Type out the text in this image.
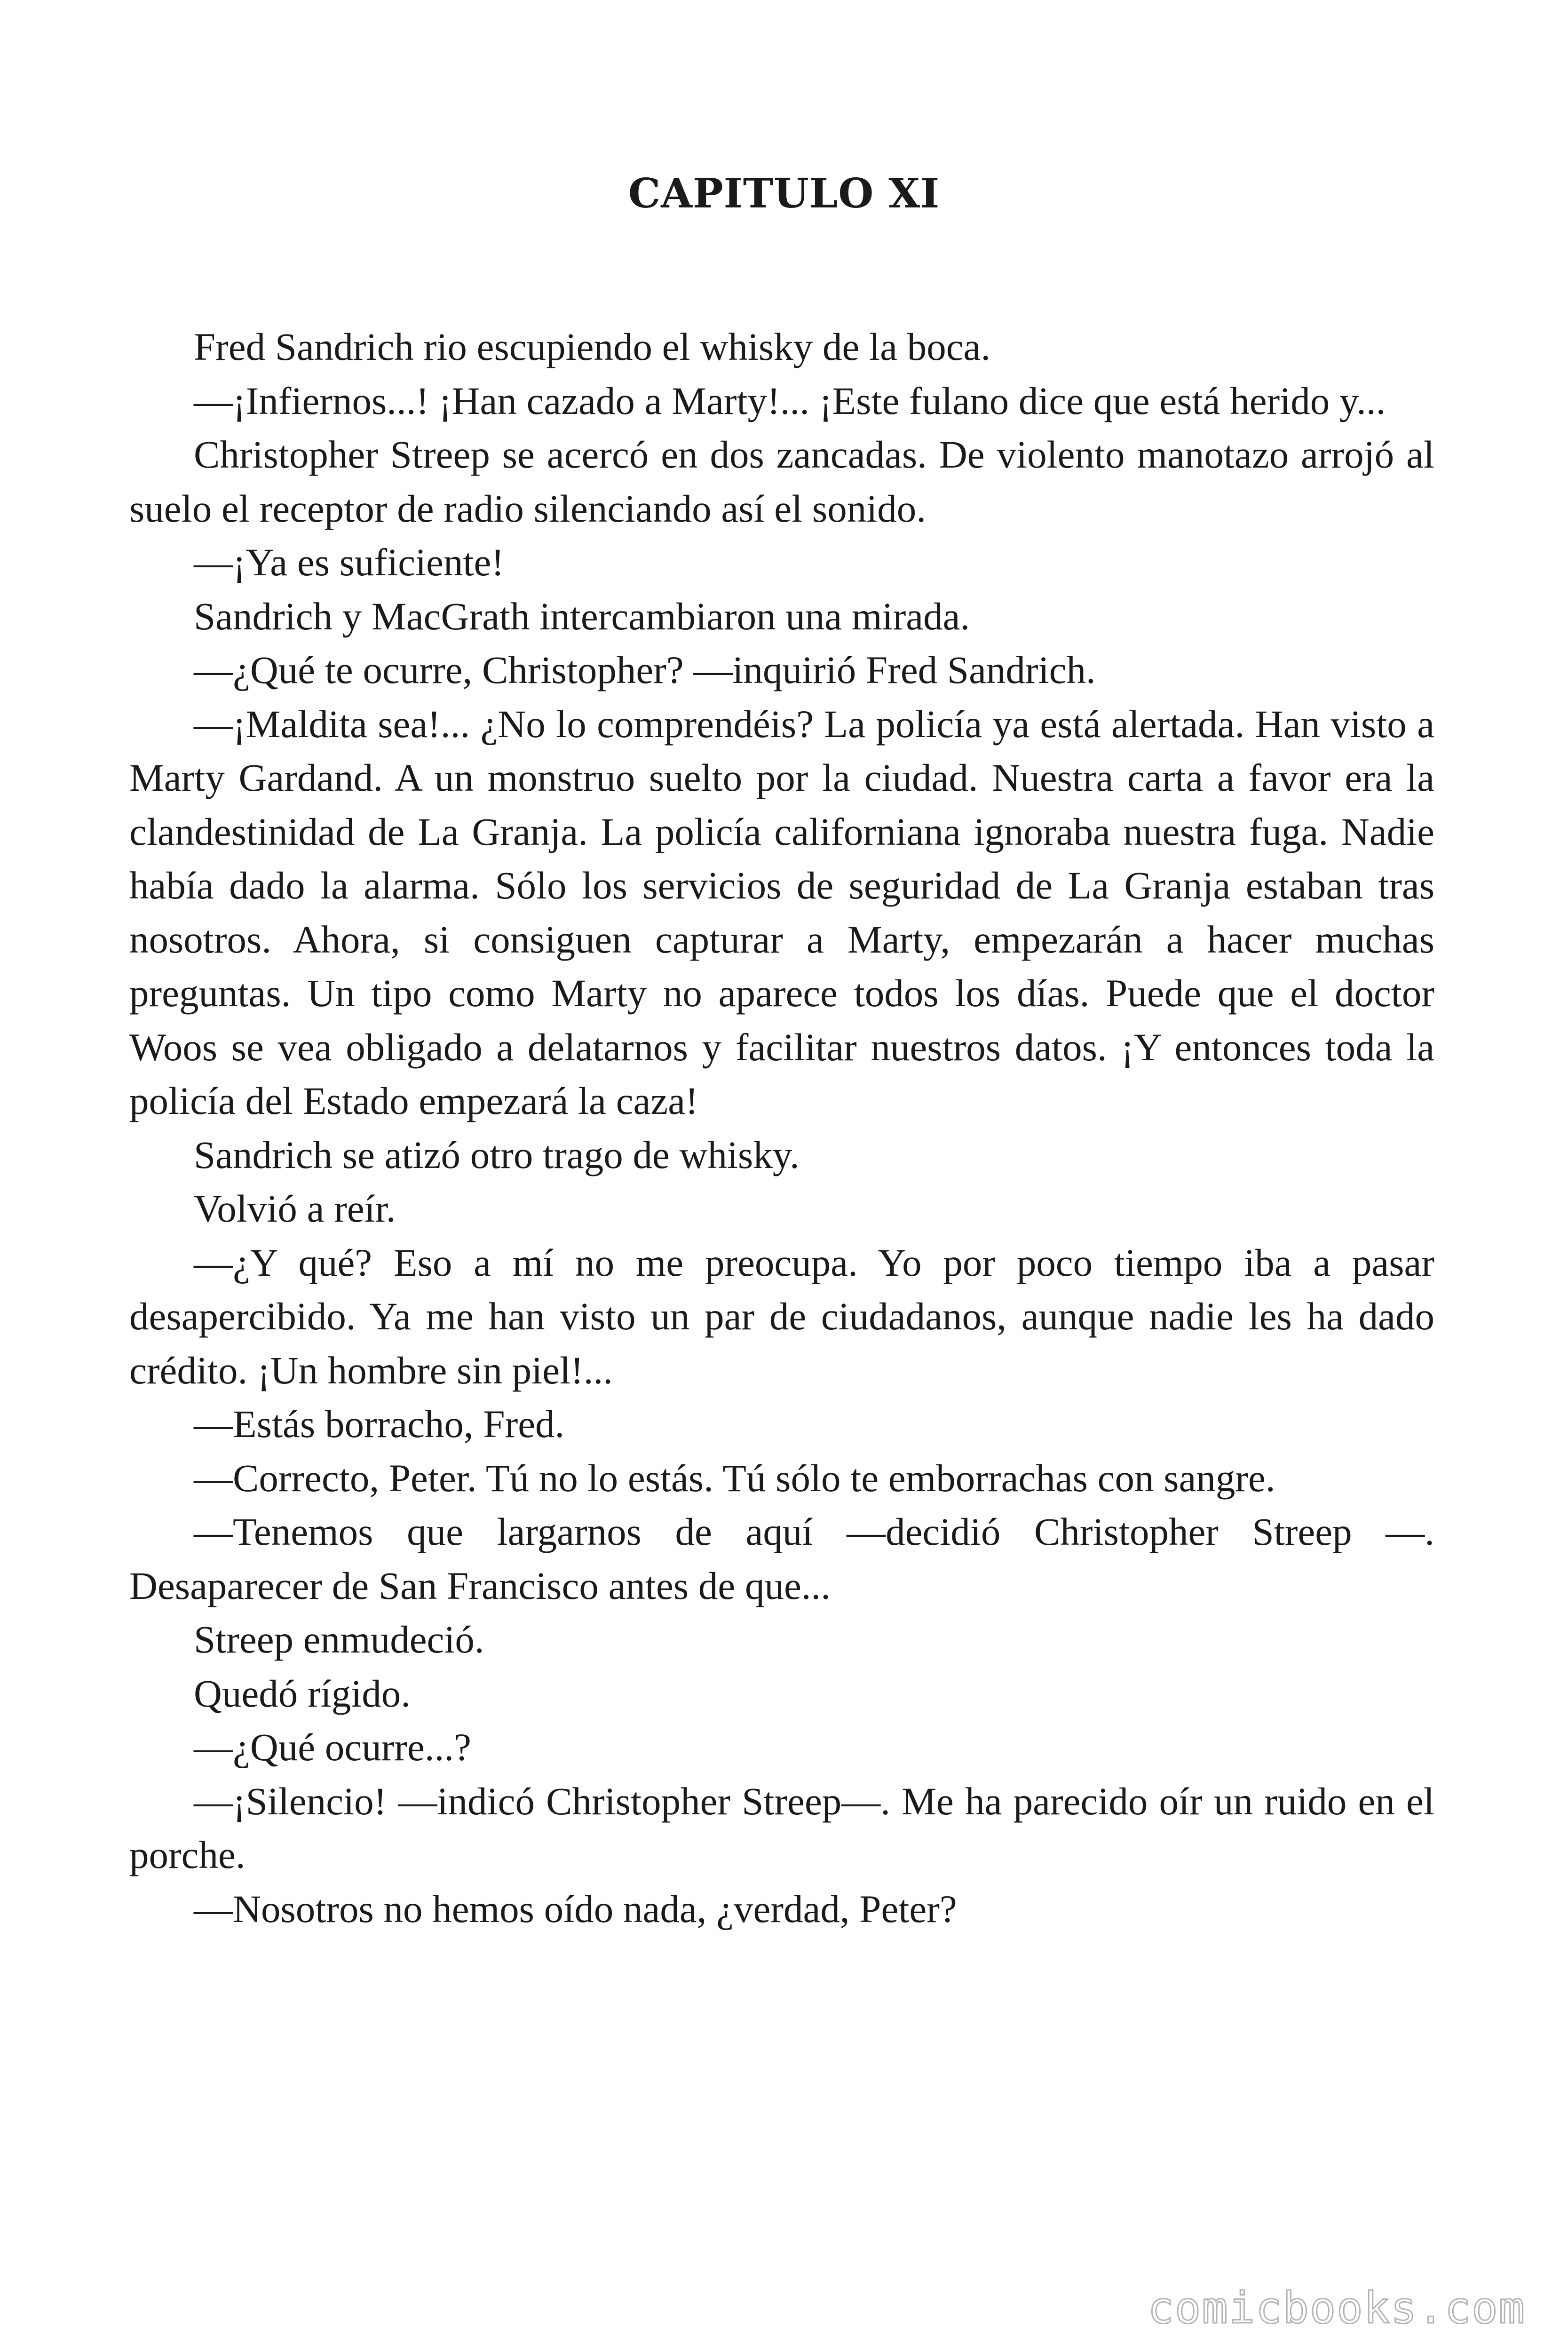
CAPITULO XI

Fred Sandrich rio escupiendo el whisky de la boca.

—¡Infiernos...! ¡Han cazado a Marty!... ¡Este fulano dice que está herido y...

Christopher Streep se acercó en dos zancadas. De violento manotazo arrojó al suelo el receptor de radio silenciando así el sonido.

—¡Ya es suficiente!

Sandrich y MacGrath intercambiaron una mirada.

—¿Qué te ocurre, Christopher? —inquirió Fred Sandrich.

—¡Maldita sea!... ¿No lo comprendéis? La policía ya está alertada. Han visto a Marty Gardand. A un monstruo suelto por la ciudad. Nuestra carta a favor era la clandestinidad de La Granja. La policía californiana ignoraba nuestra fuga. Nadie había dado la alarma. Sólo los servicios de seguridad de La Granja estaban tras nosotros. Ahora, si consiguen capturar a Marty, empezarán a hacer muchas preguntas. Un tipo como Marty no aparece todos los días. Puede que el doctor Woos se vea obligado a delatarnos y facilitar nuestros datos. ¡Y entonces toda la policía del Estado empezará la caza!

Sandrich se atizó otro trago de whisky.

Volvió a reír.

—¿Y qué? Eso a mí no me preocupa. Yo por poco tiempo iba a pasar desapercibido. Ya me han visto un par de ciudadanos, aunque nadie les ha dado crédito. ¡Un hombre sin piel!...

—Estás borracho, Fred.

—Correcto, Peter. Tú no lo estás. Tú sólo te emborrachas con sangre.

—Tenemos que largarnos de aquí —decidió Christopher Streep —. Desaparecer de San Francisco antes de que...

Streep enmudeció.

Quedó rígido.

—¿Qué ocurre...?

—¡Silencio! —indicó Christopher Streep—. Me ha parecido oír un ruido en el porche.

—Nosotros no hemos oído nada, ¿verdad, Peter?

comicbooks.com
